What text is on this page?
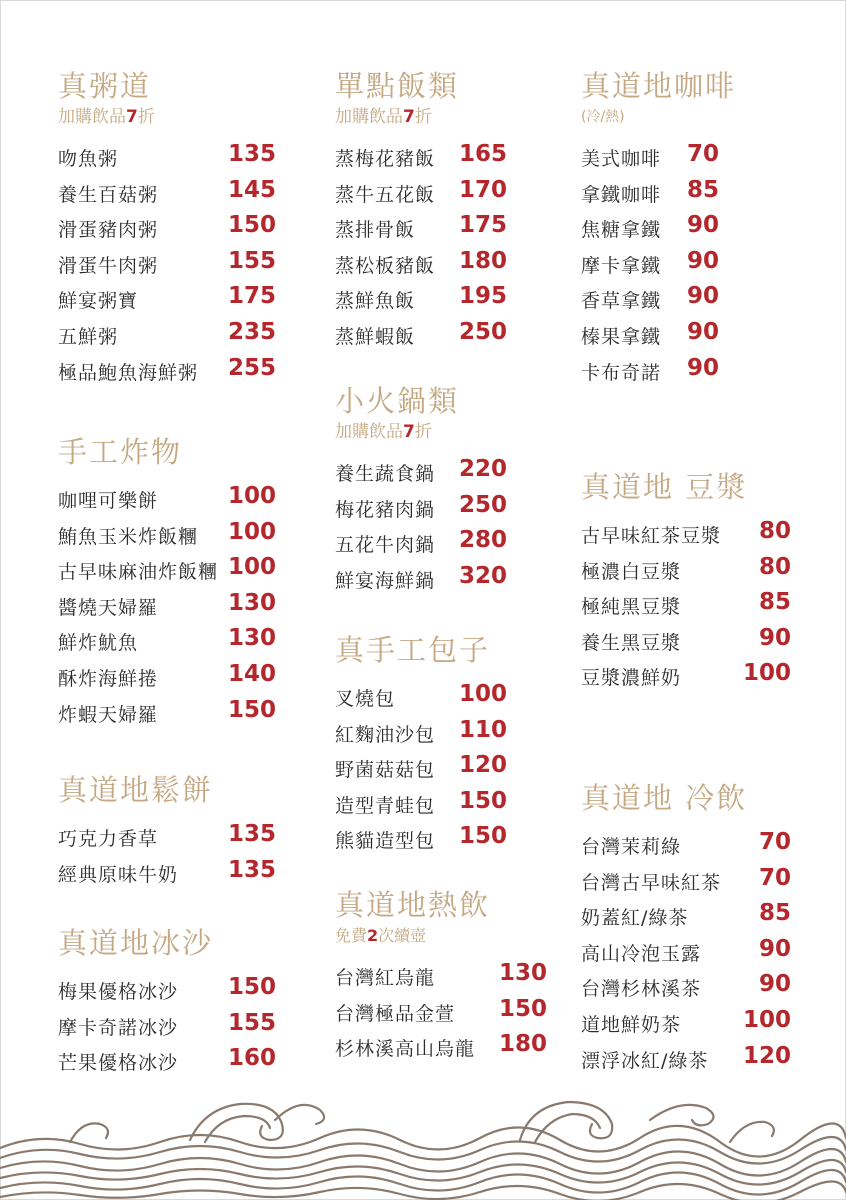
真粥道
加購飲品7折
吻魚粥	135
養生百菇粥	145
滑蛋豬肉粥	150
滑蛋牛肉粥	155
鮮宴粥寶	175
五鮮粥	235
極品鮑魚海鮮粥 255
手工炸物
咖哩可樂餅	100
鮪魚玉米炸飯糰 100
古早味麻油炸飯糰 100
醬燒天婦羅	130
鮮炸魷魚	130
酥炸海鮮捲	140
炸蝦天婦羅	150
真道地鬆餅
巧克力香草	135
經典原味牛奶 135
真道地冰沙
梅果優格冰沙 150
摩卡奇諾冰沙 155
芒果優格冰沙 160
單點飯類
加購飲品7折
蒸梅花豬飯 165
蒸牛五花飯 170
蒸排骨飯 175
蒸松板豬飯 180
蒸鮮魚飯 195
蒸鮮蝦飯 250
小火鍋類
加購飲品7折
養生蔬食鍋 220
梅花豬肉鍋 250
五花牛肉鍋 280
鮮宴海鮮鍋 320
真手工包子
叉燒包	100
紅麴油沙包 110
野菌菇菇包 120
造型青蛙包 150
熊貓造型包 150
真道地熱飲
免費2次續壺
台灣紅烏龍	130
台灣極品金萱 150
杉林溪高山烏龍 180
真道地咖啡
(冷/熱)
美式咖啡 70
拿鐵咖啡 85
焦糖拿鐵 90
摩卡拿鐵 90
香草拿鐵 90
榛果拿鐵 90
卡布奇諾 90
真道地 豆漿
古早味紅茶豆漿 80
極濃白豆漿	80
極純黑豆漿	85
養生黑豆漿	90
豆漿濃鮮奶	100
真道地 冷飲
台灣茉莉綠	70
台灣古早味紅茶 70
奶蓋紅/綠茶	85
高山冷泡玉露	90
台灣杉林溪茶	90
道地鮮奶茶	100
漂浮冰紅/綠茶 120
